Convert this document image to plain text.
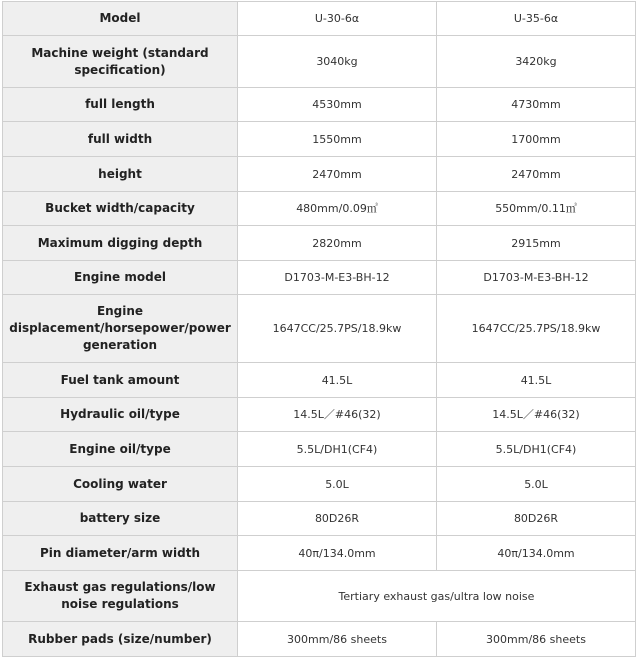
Model	U-30-6α	U-35-6α
Machine weight (standard specification)	3040kg	3420kg
full length	4530mm	4730mm
full width	1550mm	1700mm
height	2470mm	2470mm
Bucket width/capacity	480mm/0.09㎥	550mm/0.11㎥
Maximum digging depth	2820mm	2915mm
Engine model	D1703-M-E3-BH-12	D1703-M-E3-BH-12
Engine displacement/horsepower/power generation	1647CC/25.7PS/18.9kw	1647CC/25.7PS/18.9kw
Fuel tank amount	41.5L	41.5L
Hydraulic oil/type	14.5L／#46(32)	14.5L／#46(32)
Engine oil/type	5.5L/DH1(CF4)	5.5L/DH1(CF4)
Cooling water	5.0L	5.0L
battery size	80D26R	80D26R
Pin diameter/arm width	40π/134.0mm	40π/134.0mm
Exhaust gas regulations/low noise regulations	Tertiary exhaust gas/ultra low noise	
Rubber pads (size/number)	300mm/86 sheets	300mm/86 sheets
